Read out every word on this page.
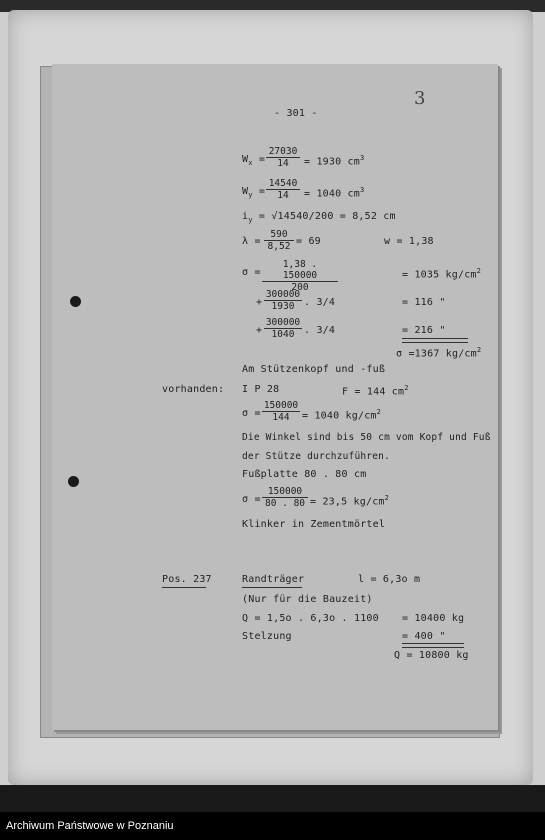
- 301 -
3
$W_x = \frac{27030}{14} = 1930$ $cm^3$
$W_y = \frac{14540}{14} = 1040$ $cm^3$
$i_y = √14540/200 = 8,52$ cm
$\lambda = \frac{590}{8,52} = 69$	w = 1,38
$\sigma = \frac{1,38 . 150000}{200}$	= 1035 $kg/cm^2$
+ $\frac{300000}{1930}$ . 3/4	= 116 "
+ $\frac{300000}{1040}$ . 3/4	= 216 "
σ =1367 $kg/cm^2$
Am Stützenkopf und -fuß
vorhanden: I P 28	F = 144 $cm^2$
$\sigma = \frac{150000}{144} = 1040$ $kg/cm^2$
Die Winkel sind bis 50 cm vom Kopf und Fuß
der Stütze durchzuführen.
Fußplatte 80 . 80 cm
$\sigma = \frac{150000}{80 . 80} = 23,5$ $kg/cm^2$
Klinker in Zementmörtel
Pos. 237	Randträger	l = 6,3o m
(Nur für die Bauzeit)
Q = 1,5o . 6,3o . 1100 = 10400 kg
Stelzung	= 400 "
Q = 10800 kg
Archiwum Państwowe w Poznaniu
